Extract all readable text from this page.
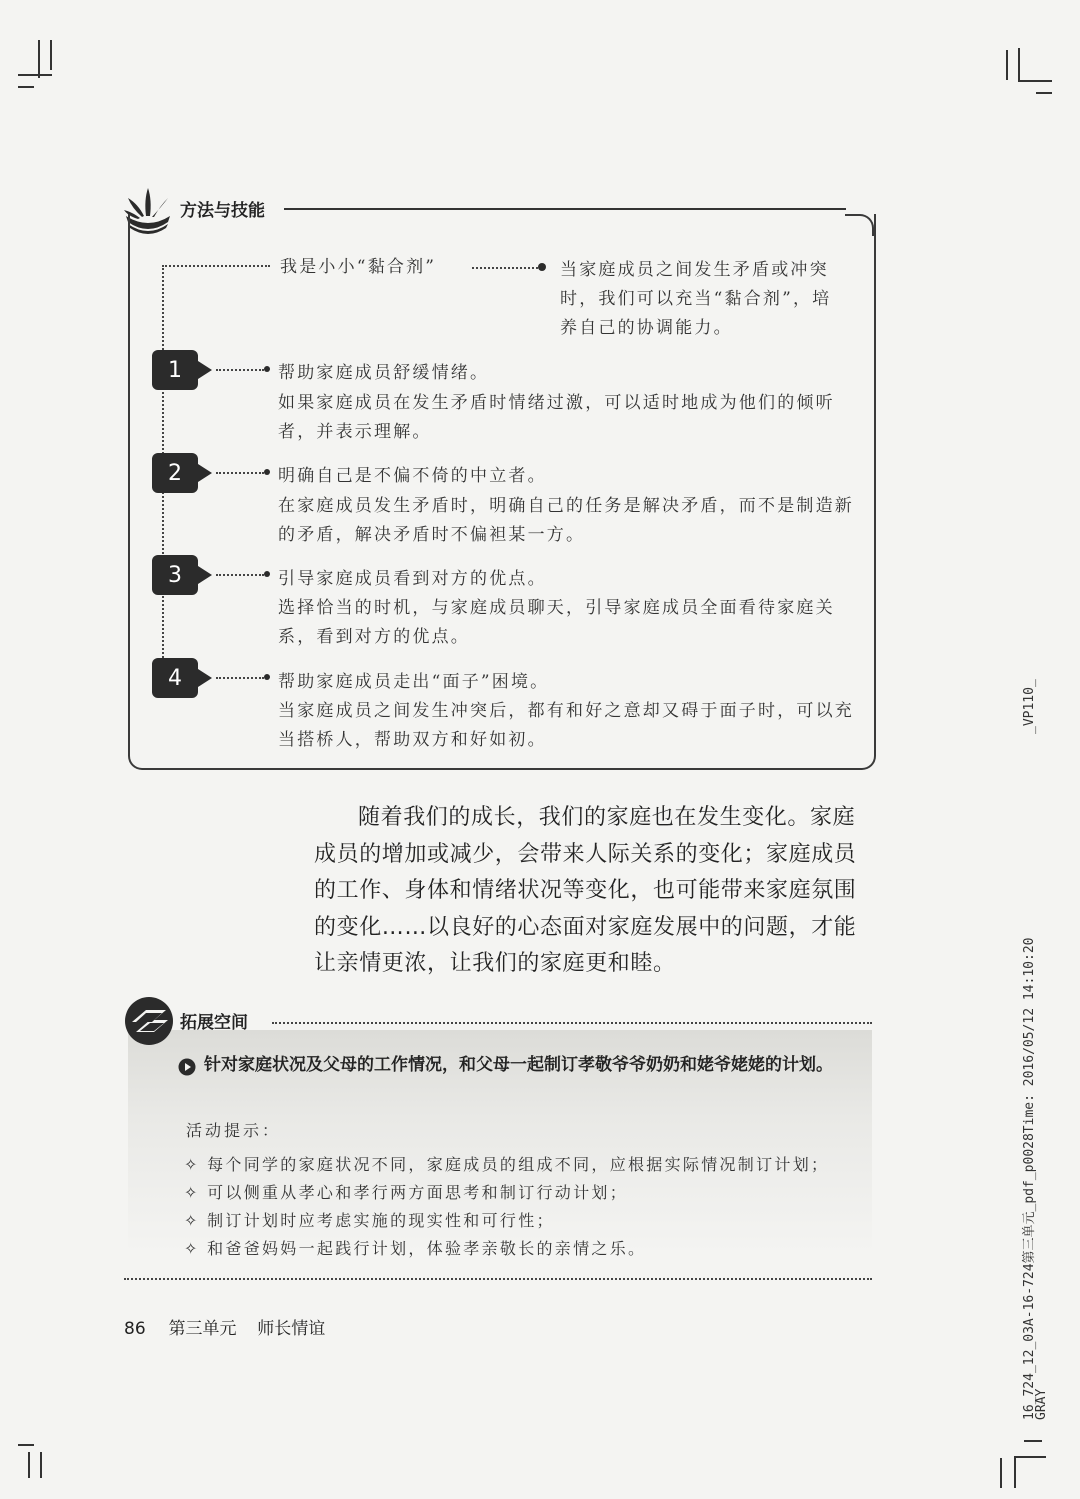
方法与技能
我是小小“黏合剂”	当家庭成员之间发生矛盾或冲突
时，我们可以充当“黏合剂”，培
养自己的协调能力。
1	帮助家庭成员舒缓情绪。
如果家庭成员在发生矛盾时情绪过激，可以适时地成为他们的倾听者，并表示理解。
2	明确自己是不偏不倚的中立者。
在家庭成员发生矛盾时，明确自己的任务是解决矛盾，而不是制造新的矛盾，解决矛盾时不偏袒某一方。
3	引导家庭成员看到对方的优点。
选择恰当的时机，与家庭成员聊天，引导家庭成员全面看待家庭关系，看到对方的优点。
4	帮助家庭成员走出“面子”困境。
当家庭成员之间发生冲突后，都有和好之意却又碍于面子时，可以充当搭桥人，帮助双方和好如初。
随着我们的成长，我们的家庭也在发生变化。家庭成员的增加或减少，会带来人际关系的变化；家庭成员的工作、身体和情绪状况等变化，也可能带来家庭氛围的变化……以良好的心态面对家庭发展中的问题，才能让亲情更浓，让我们的家庭更和睦。
拓展空间
针对家庭状况及父母的工作情况，和父母一起制订孝敬爷爷奶奶和姥爷姥姥的计划。
活动提示：
✧ 每个同学的家庭状况不同，家庭成员的组成不同，应根据实际情况制订计划；
✧ 可以侧重从孝心和孝行两方面思考和制订行动计划；
✧ 制订计划时应考虑实施的现实性和可行性；
✧ 和爸爸妈妈一起践行计划，体验孝亲敬长的亲情之乐。
86 第三单元 师长情谊
_VP110_
16_724_12_03A-16-724第三单元_pdf_p0028Time: 2016/05/12 14:10:20
GRAY
